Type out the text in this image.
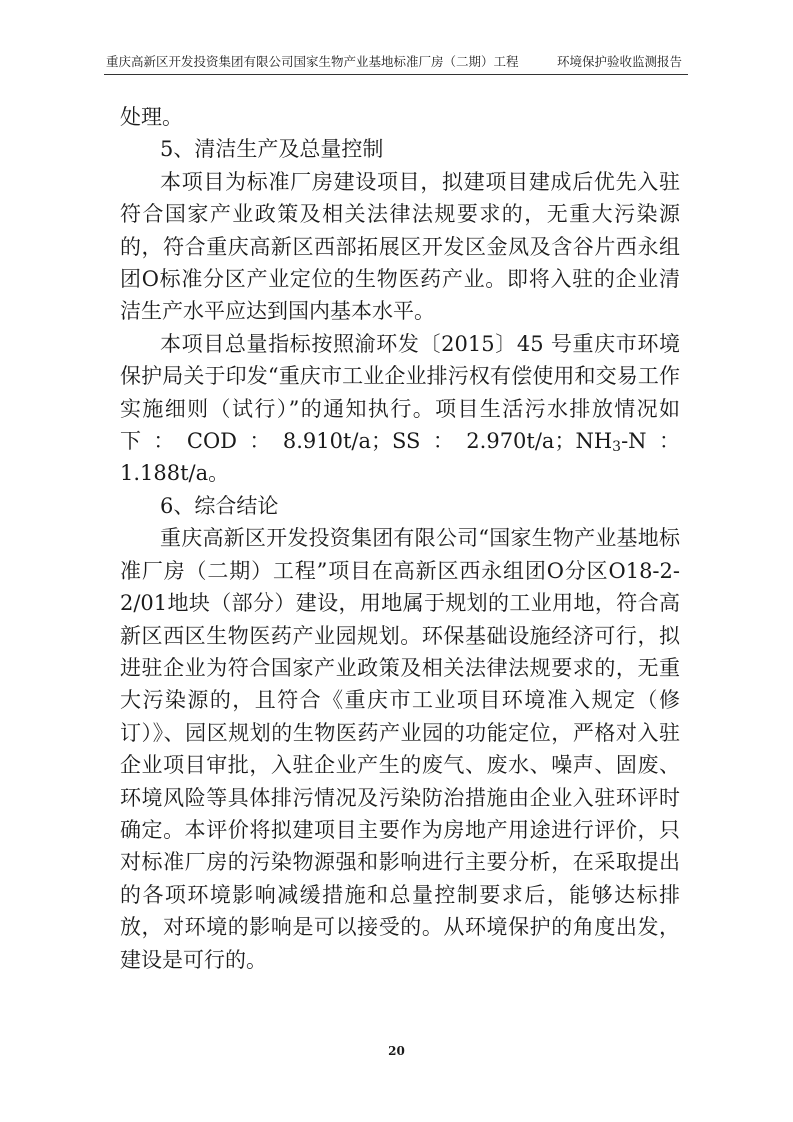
重庆高新区开发投资集团有限公司国家生物产业基地标准厂房（二期）工程	环境保护验收监测报告

处理。

5、清洁生产及总量控制

本项目为标准厂房建设项目，拟建项目建成后优先入驻符合国家产业政策及相关法律法规要求的，无重大污染源的，符合重庆高新区西部拓展区开发区金凤及含谷片西永组团O标准分区产业定位的生物医药产业。即将入驻的企业清洁生产水平应达到国内基本水平。

本项目总量指标按照渝环发〔2015〕45 号重庆市环境保护局关于印发“重庆市工业企业排污权有偿使用和交易工作实施细则（试行）”的通知执行。项目生活污水排放情况如下：COD：8.910t/a；SS：2.970t/a；$NH_3-N$：1.188t/a。

6、综合结论

重庆高新区开发投资集团有限公司“国家生物产业基地标准厂房（二期）工程”项目在高新区西永组团O分区O18-2-2/01地块（部分）建设，用地属于规划的工业用地，符合高新区西区生物医药产业园规划。环保基础设施经济可行，拟进驻企业为符合国家产业政策及相关法律法规要求的，无重大污染源的，且符合《重庆市工业项目环境准入规定（修 订）》、园区规划的生物医药产业园的功能定位，严格对入驻企业项目审批，入驻企业产生的废气、废水、噪声、固废、环境风险等具体排污情况及污染防治措施由企业入驻环评时确定。本评价将拟建项目主要作为房地产用途进行评价，只对标准厂房的污染物源强和影响进行主要分析，在采取提出的各项环境影响减缓措施和总量控制要求后，能够达标排放，对环境的影响是可以接受的。从环境保护的角度出发，建设是可行的。

20
